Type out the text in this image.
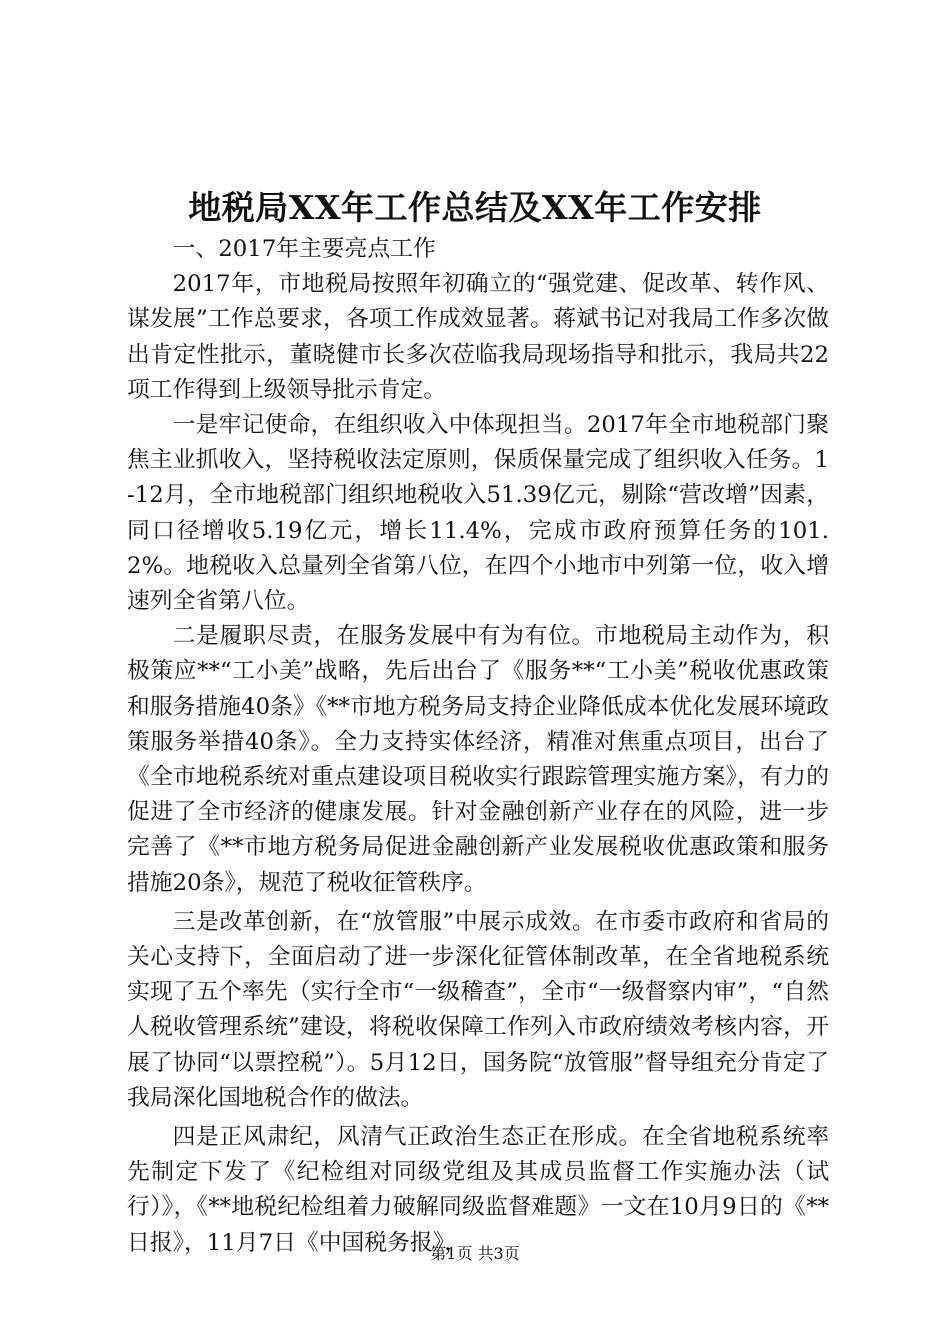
地税局XX年工作总结及XX年工作安排

一、2017年主要亮点工作

2017年，市地税局按照年初确立的“强党建、促改革、转作风、谋发展”工作总要求，各项工作成效显著。蒋斌书记对我局工作多次做出肯定性批示，董晓健市长多次莅临我局现场指导和批示，我局共22项工作得到上级领导批示肯定。

一是牢记使命，在组织收入中体现担当。2017年全市地税部门聚焦主业抓收入，坚持税收法定原则，保质保量完成了组织收入任务。1-12月，全市地税部门组织地税收入51.39亿元，剔除“营改增”因素，同口径增收5.19亿元，增长11.4%，完成市政府预算任务的101.2%。地税收入总量列全省第八位，在四个小地市中列第一位，收入增速列全省第八位。

二是履职尽责，在服务发展中有为有位。市地税局主动作为，积极策应**“工小美”战略，先后出台了《服务**“工小美”税收优惠政策和服务措施40条》《**市地方税务局支持企业降低成本优化发展环境政策服务举措40条》。全力支持实体经济，精准对焦重点项目，出台了《全市地税系统对重点建设项目税收实行跟踪管理实施方案》，有力的促进了全市经济的健康发展。针对金融创新产业存在的风险，进一步完善了《**市地方税务局促进金融创新产业发展税收优惠政策和服务措施20条》，规范了税收征管秩序。

三是改革创新，在“放管服”中展示成效。在市委市政府和省局的关心支持下，全面启动了进一步深化征管体制改革，在全省地税系统实现了五个率先（实行全市“一级稽查”，全市“一级督察内审”，“自然人税收管理系统”建设，将税收保障工作列入市政府绩效考核内容，开展了协同“以票控税”）。5月12日，国务院“放管服”督导组充分肯定了我局深化国地税合作的做法。

四是正风肃纪，风清气正政治生态正在形成。在全省地税系统率先制定下发了《纪检组对同级党组及其成员监督工作实施办法（试行）》，《**地税纪检组着力破解同级监督难题》一文在10月9日的《**日报》，11月7日《中国税务报》，

第1页 共3页
